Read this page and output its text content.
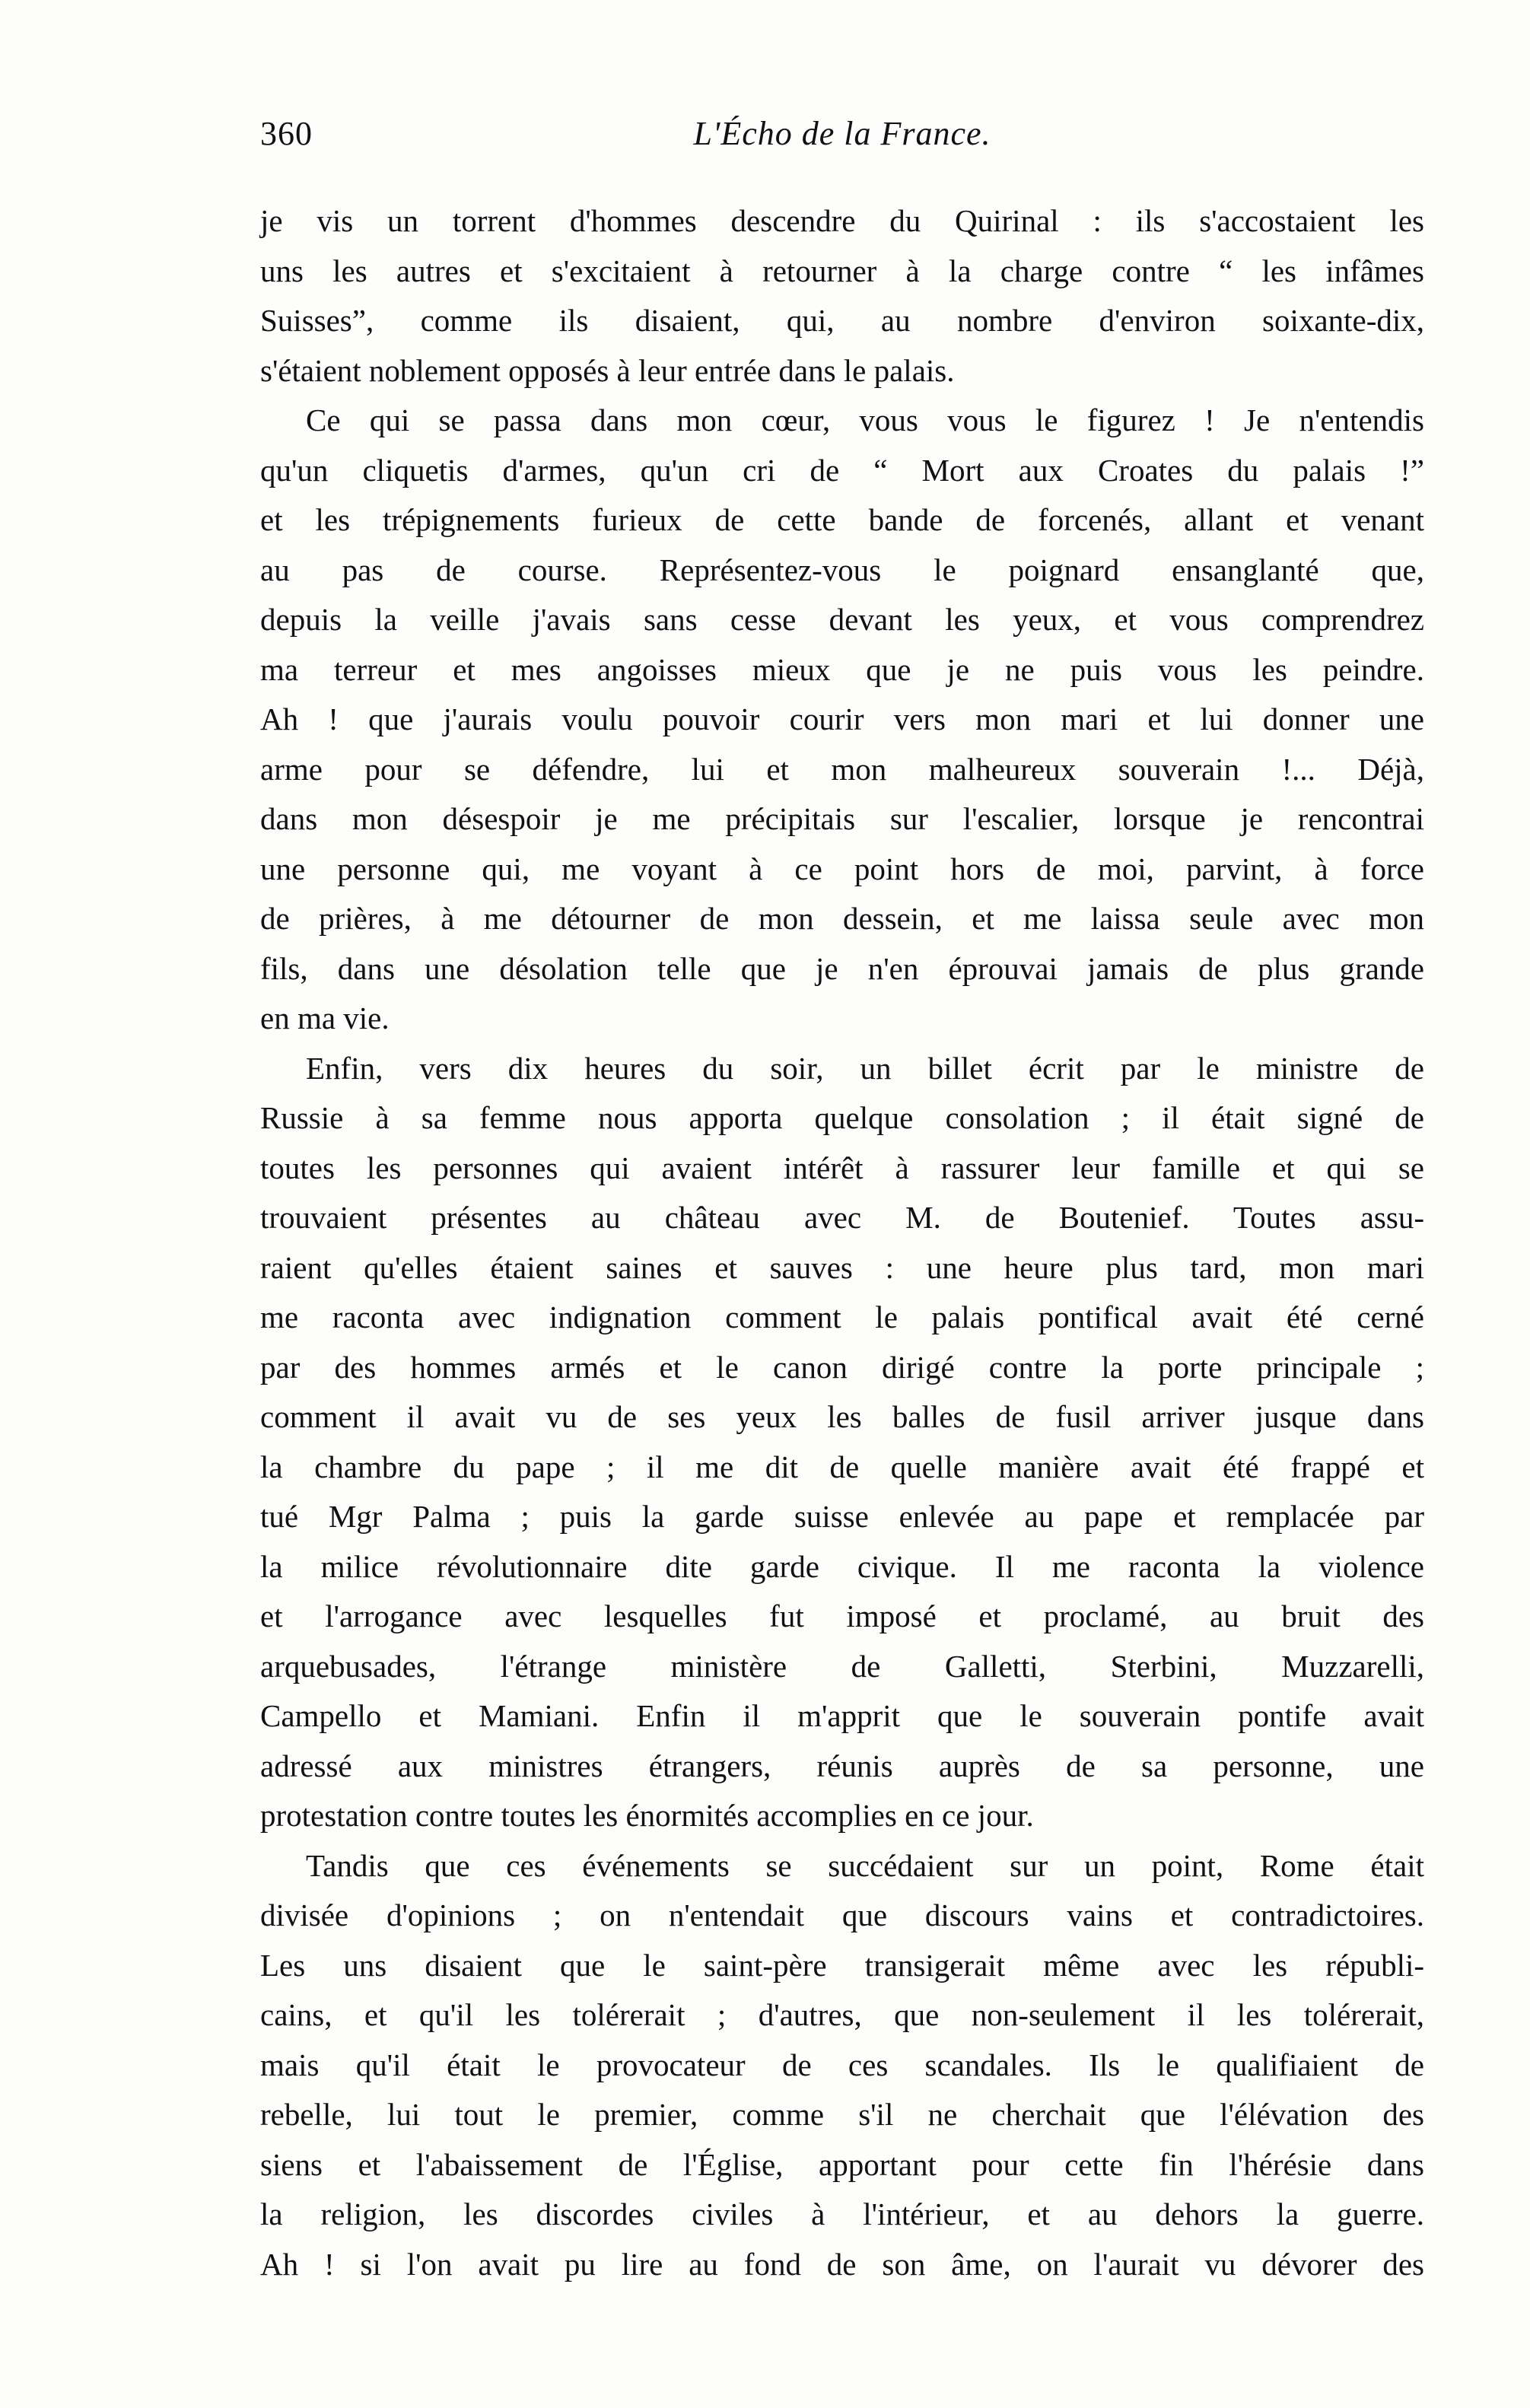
360	L'Écho de la France.
je vis un torrent d'hommes descendre du Quirinal : ils s'accostaient les
uns les autres et s'excitaient à retourner à la charge contre “ les infâmes
Suisses”, comme ils disaient, qui, au nombre d'environ soixante-dix,
s'étaient noblement opposés à leur entrée dans le palais.
Ce qui se passa dans mon cœur, vous vous le figurez ! Je n'entendis
qu'un cliquetis d'armes, qu'un cri de “ Mort aux Croates du palais !”
et les trépignements furieux de cette bande de forcenés, allant et venant
au pas de course. Représentez-vous le poignard ensanglanté que,
depuis la veille j'avais sans cesse devant les yeux, et vous comprendrez
ma terreur et mes angoisses mieux que je ne puis vous les peindre.
Ah ! que j'aurais voulu pouvoir courir vers mon mari et lui donner une
arme pour se défendre, lui et mon malheureux souverain !... Déjà,
dans mon désespoir je me précipitais sur l'escalier, lorsque je rencontrai
une personne qui, me voyant à ce point hors de moi, parvint, à force
de prières, à me détourner de mon dessein, et me laissa seule avec mon
fils, dans une désolation telle que je n'en éprouvai jamais de plus grande
en ma vie.
Enfin, vers dix heures du soir, un billet écrit par le ministre de
Russie à sa femme nous apporta quelque consolation ; il était signé de
toutes les personnes qui avaient intérêt à rassurer leur famille et qui se
trouvaient présentes au château avec M. de Boutenief. Toutes assu-
raient qu'elles étaient saines et sauves : une heure plus tard, mon mari
me raconta avec indignation comment le palais pontifical avait été cerné
par des hommes armés et le canon dirigé contre la porte principale ;
comment il avait vu de ses yeux les balles de fusil arriver jusque dans
la chambre du pape ; il me dit de quelle manière avait été frappé et
tué Mgr Palma ; puis la garde suisse enlevée au pape et remplacée par
la milice révolutionnaire dite garde civique. Il me raconta la violence
et l'arrogance avec lesquelles fut imposé et proclamé, au bruit des
arquebusades, l'étrange ministère de Galletti, Sterbini, Muzzarelli,
Campello et Mamiani. Enfin il m'apprit que le souverain pontife avait
adressé aux ministres étrangers, réunis auprès de sa personne, une
protestation contre toutes les énormités accomplies en ce jour.
Tandis que ces événements se succédaient sur un point, Rome était
divisée d'opinions ; on n'entendait que discours vains et contradictoires.
Les uns disaient que le saint-père transigerait même avec les républi-
cains, et qu'il les tolérerait ; d'autres, que non-seulement il les tolérerait,
mais qu'il était le provocateur de ces scandales. Ils le qualifiaient de
rebelle, lui tout le premier, comme s'il ne cherchait que l'élévation des
siens et l'abaissement de l'Église, apportant pour cette fin l'hérésie dans
la religion, les discordes civiles à l'intérieur, et au dehors la guerre.
Ah ! si l'on avait pu lire au fond de son âme, on l'aurait vu dévorer des
